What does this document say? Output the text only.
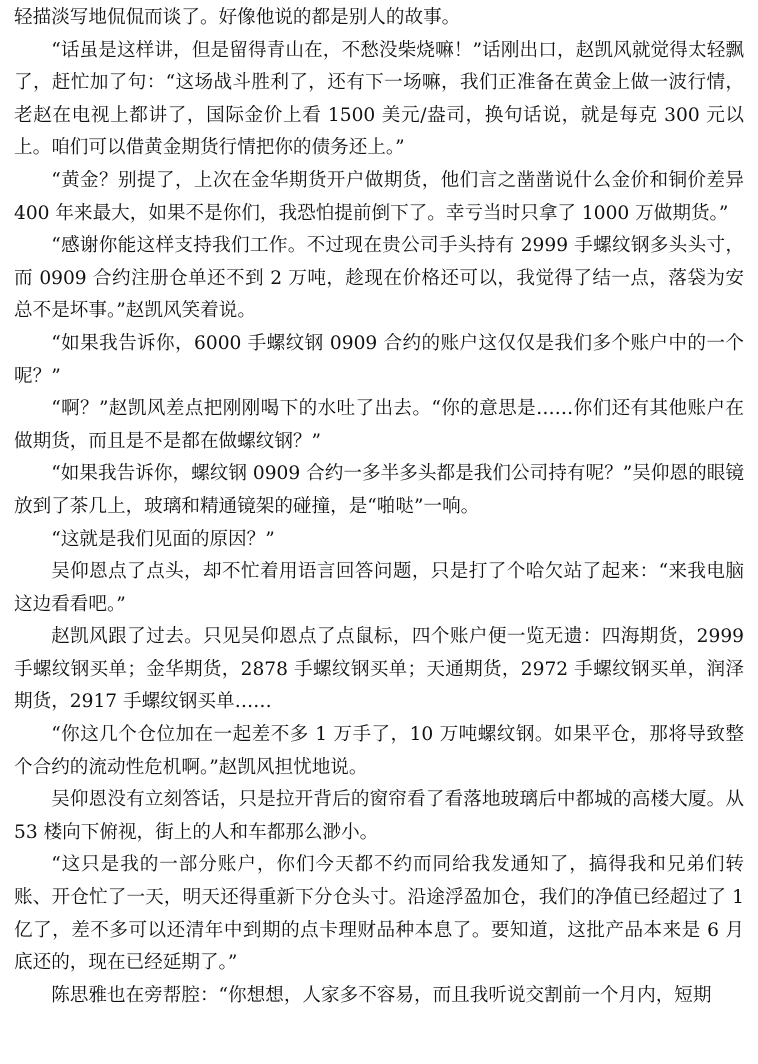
轻描淡写地侃侃而谈了。好像他说的都是别人的故事。

“话虽是这样讲，但是留得青山在，不愁没柴烧嘛！”话刚出口，赵凯风就觉得太轻飘了，赶忙加了句：“这场战斗胜利了，还有下一场嘛，我们正准备在黄金上做一波行情，老赵在电视上都讲了，国际金价上看 1500 美元/盎司，换句话说，就是每克 300 元以上。咱们可以借黄金期货行情把你的债务还上。”

“黄金？别提了，上次在金华期货开户做期货，他们言之凿凿说什么金价和铜价差异 400 年来最大，如果不是你们，我恐怕提前倒下了。幸亏当时只拿了 1000 万做期货。”

“感谢你能这样支持我们工作。不过现在贵公司手头持有 2999 手螺纹钢多头头寸，而 0909 合约注册仓单还不到 2 万吨，趁现在价格还可以，我觉得了结一点，落袋为安总不是坏事。”赵凯风笑着说。

“如果我告诉你，6000 手螺纹钢 0909 合约的账户这仅仅是我们多个账户中的一个呢？”

“啊？”赵凯风差点把刚刚喝下的水吐了出去。“你的意思是……你们还有其他账户在做期货，而且是不是都在做螺纹钢？”

“如果我告诉你，螺纹钢 0909 合约一多半多头都是我们公司持有呢？”吴仰恩的眼镜放到了茶几上，玻璃和精通镜架的碰撞，是“啪哒”一响。

“这就是我们见面的原因？”

吴仰恩点了点头，却不忙着用语言回答问题，只是打了个哈欠站了起来：“来我电脑这边看看吧。”

赵凯风跟了过去。只见吴仰恩点了点鼠标，四个账户便一览无遗：四海期货，2999 手螺纹钢买单；金华期货，2878 手螺纹钢买单；天通期货，2972 手螺纹钢买单，润泽期货，2917 手螺纹钢买单……

“你这几个仓位加在一起差不多 1 万手了，10 万吨螺纹钢。如果平仓，那将导致整个合约的流动性危机啊。”赵凯风担忧地说。

吴仰恩没有立刻答话，只是拉开背后的窗帘看了看落地玻璃后中都城的高楼大厦。从 53 楼向下俯视，街上的人和车都那么渺小。

“这只是我的一部分账户，你们今天都不约而同给我发通知了，搞得我和兄弟们转账、开仓忙了一天，明天还得重新下分仓头寸。沿途浮盈加仓，我们的净值已经超过了 1 亿了，差不多可以还清年中到期的点卡理财品种本息了。要知道，这批产品本来是 6 月底还的，现在已经延期了。”

陈思雅也在旁帮腔：“你想想，人家多不容易，而且我听说交割前一个月内，短期
